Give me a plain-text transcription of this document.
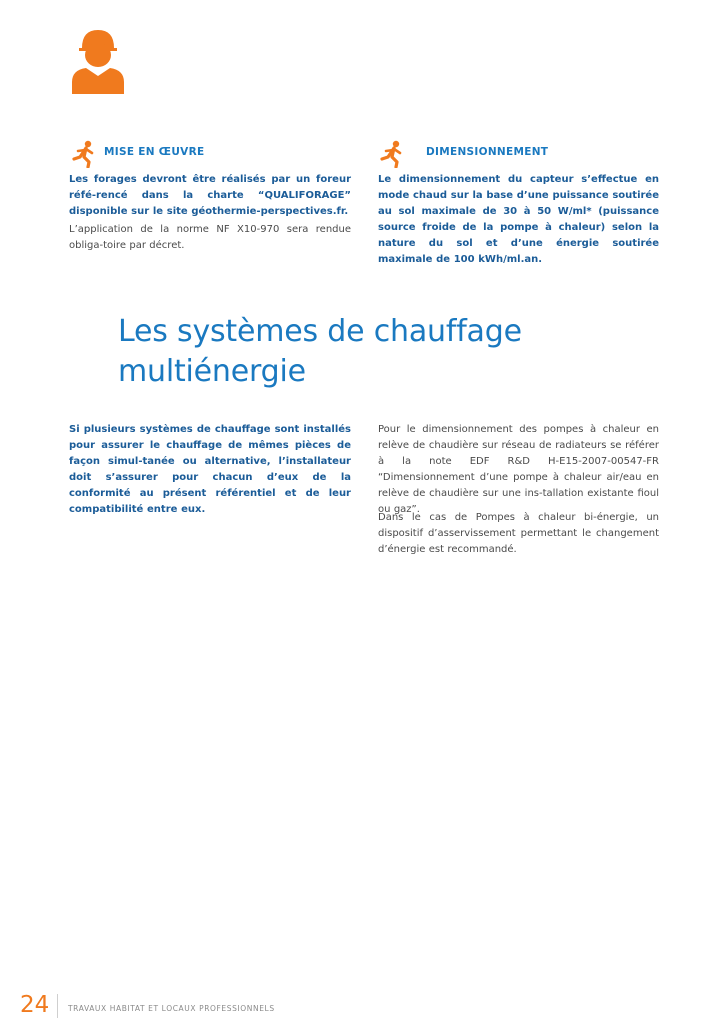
MISE EN ŒUVRE	DIMENSIONNEMENT

Les forages devront être réalisés par un foreur réfé-rencé dans la charte “QUALIFORAGE” disponible sur le site géothermie-perspectives.fr.

L’application de la norme NF X10-970 sera rendue obliga-toire par décret.

Le dimensionnement du capteur s’effectue en mode chaud sur la base d’une puissance soutirée au sol maximale de 30 à 50 W/ml* (puissance source froide de la pompe à chaleur) selon la nature du sol et d’une énergie soutirée maximale de 100 kWh/ml.an.

Les systèmes de chauffage
multiénergie

Si plusieurs systèmes de chauffage sont installés pour assurer le chauffage de mêmes pièces de façon simul-tanée ou alternative, l’installateur doit s’assurer pour chacun d’eux de la conformité au présent référentiel et de leur compatibilité entre eux.

Pour le dimensionnement des pompes à chaleur en relève de chaudière sur réseau de radiateurs se référer à la note EDF R&D H-E15-2007-00547-FR “Dimensionnement d’une pompe à chaleur air/eau en relève de chaudière sur une ins-tallation existante fioul ou gaz”.

Dans le cas de Pompes à chaleur bi-énergie, un dispositif d’asservissement permettant le changement d’énergie est recommandé.

24 TRAVAUX HABITAT ET LOCAUX PROFESSIONNELS
